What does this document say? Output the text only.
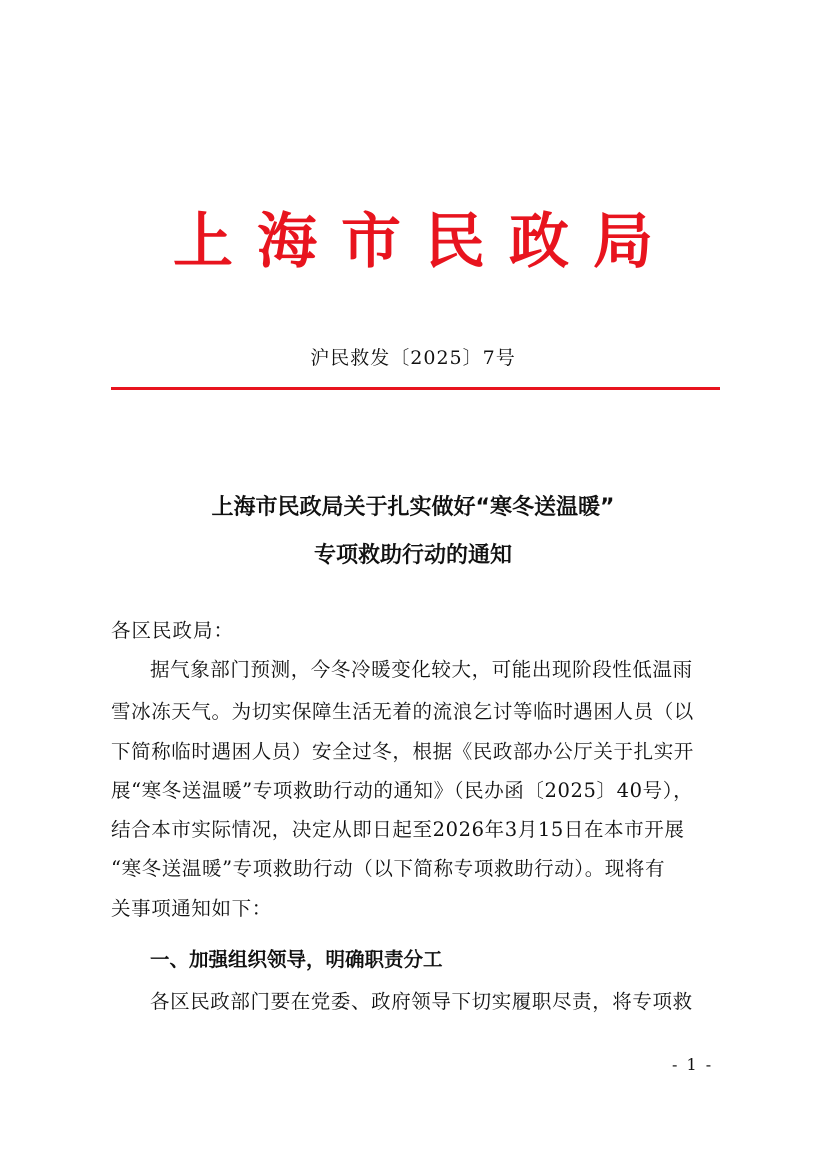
上海市民政局
沪民救发〔2025〕7号
上海市民政局关于扎实做好“寒冬送温暖”
专项救助行动的通知
各区民政局：
据气象部门预测，今冬冷暖变化较大，可能出现阶段性低温雨
雪冰冻天气。为切实保障生活无着的流浪乞讨等临时遇困人员（以
下简称临时遇困人员）安全过冬，根据《民政部办公厅关于扎实开
展“寒冬送温暖”专项救助行动的通知》（民办函〔2025〕40号），
结合本市实际情况，决定从即日起至2026年3月15日在本市开展
“寒冬送温暖”专项救助行动（以下简称专项救助行动）。现将有
关事项通知如下：
一、加强组织领导，明确职责分工
各区民政部门要在党委、政府领导下切实履职尽责，将专项救
- 1 -
